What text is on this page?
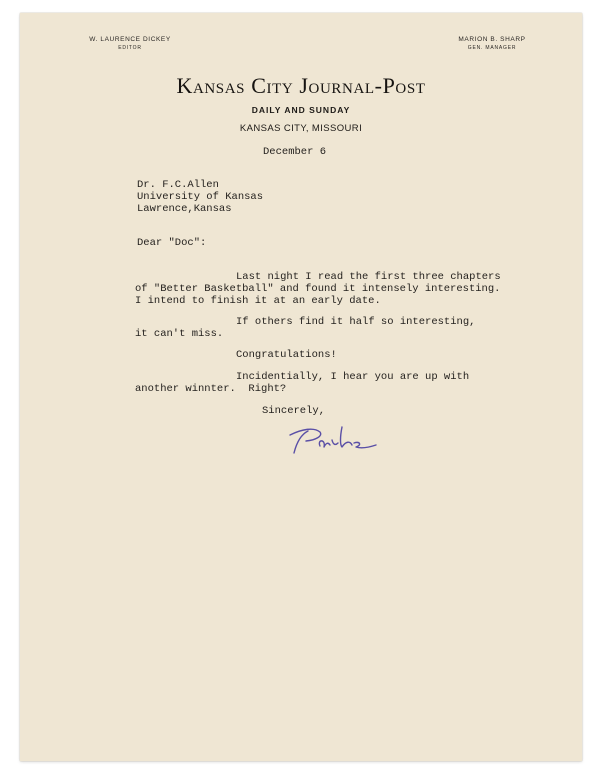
W. LAURENCE DICKEY
EDITOR
MARION B. SHARP
GEN. MANAGER
Kansas City Journal-Post
DAILY AND SUNDAY
KANSAS CITY, MISSOURI
December 6
Dr. F.C.Allen
University of Kansas
Lawrence,Kansas
Dear "Doc":
Last night I read the first three chapters
of "Better Basketball" and found it intensely interesting.
I intend to finish it at an early date.
If others find it half so interesting,
it can't miss.
Congratulations!
Incidentially, I hear you are up with
another winnter.  Right?
Sincerely,
